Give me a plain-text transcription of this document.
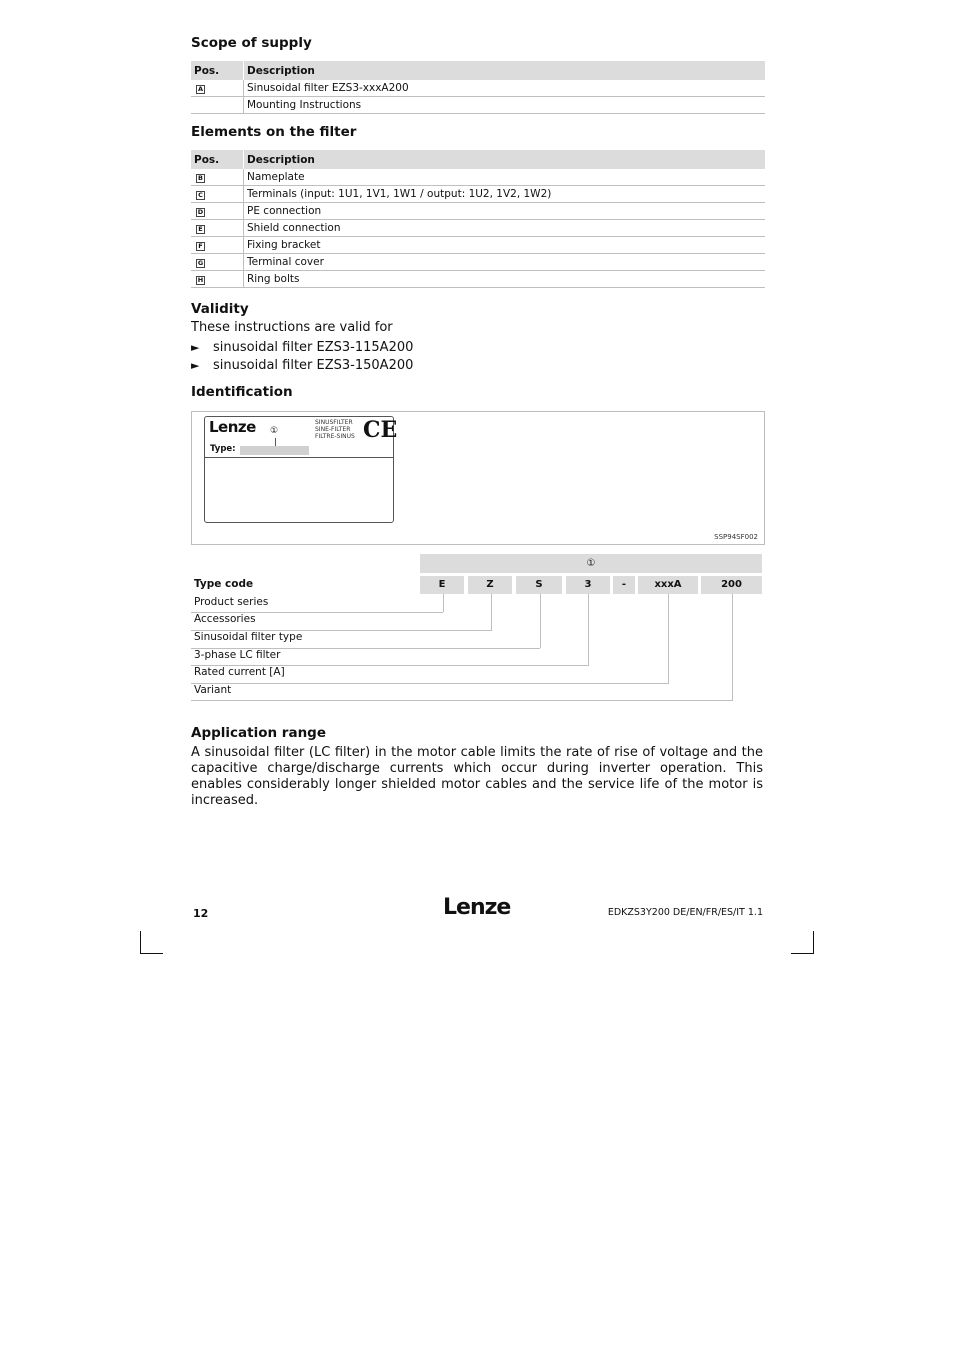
Scope of supply
Pos.	Description
A	Sinusoidal filter EZS3-xxxA200
	Mounting Instructions
Elements on the filter
Pos.	Description
B	Nameplate
C	Terminals (input: 1U1, 1V1, 1W1 / output: 1U2, 1V2, 1W2)
D	PE connection
E	Shield connection
F	Fixing bracket
G	Terminal cover
H	Ring bolts
Validity
These instructions are valid for
► sinusoidal filter EZS3-115A200
► sinusoidal filter EZS3-150A200
Identification
Lenze ①
SINUSFILTER
SINE-FILTER
FILTRE-SINUS CE
Type:
SSP94SF002
①
Type code	E	Z	S	3	-	xxxA	200
Product series
Accessories
Sinusoidal filter type
3-phase LC filter
Rated current [A]
Variant
Application range
A sinusoidal filter (LC filter) in the motor cable limits the rate of rise of voltage and the capacitive charge/discharge currents which occur during inverter operation. This enables considerably longer shielded motor cables and the service life of the motor is increased.
12	Lenze	EDKZS3Y200 DE/EN/FR/ES/IT 1.1
